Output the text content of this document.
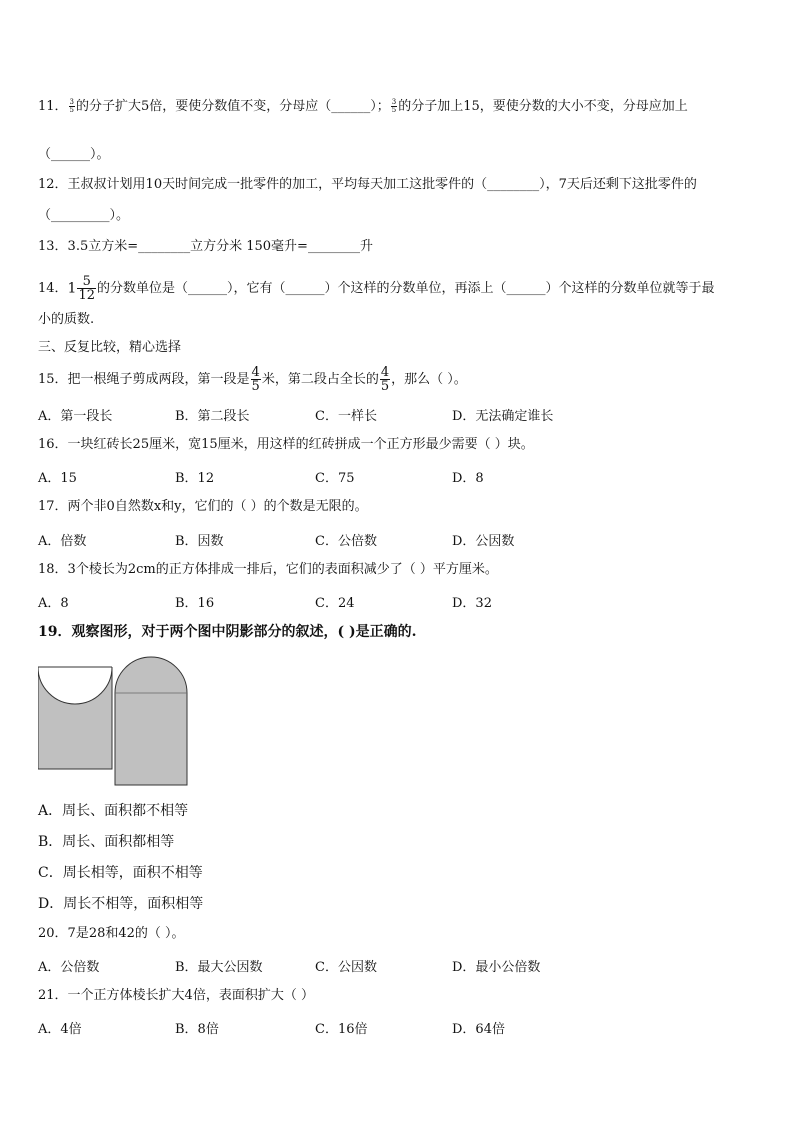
11． $\frac{3}{5}$ 的分子扩大5倍，要使分数值不变，分母应（______）； $\frac{3}{5}$ 的分子加上15，要使分数的大小不变，分母应加上
（______）。
12．王叔叔计划用10天时间完成一批零件的加工，平均每天加工这批零件的（________），7天后还剩下这批零件的
（_________）。
13．3.5立方米=________立方分米 150毫升=________升
14．$1 \frac{5}{12}$ 的分数单位是（______），它有（______）个这样的分数单位，再添上（______）个这样的分数单位就等于最
小的质数.
三、反复比较，精心选择
15．把一根绳子剪成两段，第一段是 $\frac{4}{5}$ 米，第二段占全长的 $\frac{4}{5}$ ，那么（ ）。
A．第一段长	B．第二段长	C．一样长	D．无法确定谁长
16．一块红砖长25厘米，宽15厘米，用这样的红砖拼成一个正方形最少需要（ ）块。
A．15	B．12	C．75	D．8
17．两个非0自然数x和y，它们的（ ）的个数是无限的。
A．倍数	B．因数	C．公倍数	D．公因数
18．3个棱长为2cm的正方体排成一排后，它们的表面积减少了（ ）平方厘米。
A．8	B．16	C．24	D．32
19．观察图形，对于两个图中阴影部分的叙述，( )是正确的.
A．周长、面积都不相等
B．周长、面积都相等
C．周长相等，面积不相等
D．周长不相等，面积相等
20．7是28和42的（ ）。
A．公倍数	B．最大公因数	C．公因数	D．最小公倍数
21．一个正方体棱长扩大4倍，表面积扩大（ ）
A．4倍	B．8倍	C．16倍	D．64倍
